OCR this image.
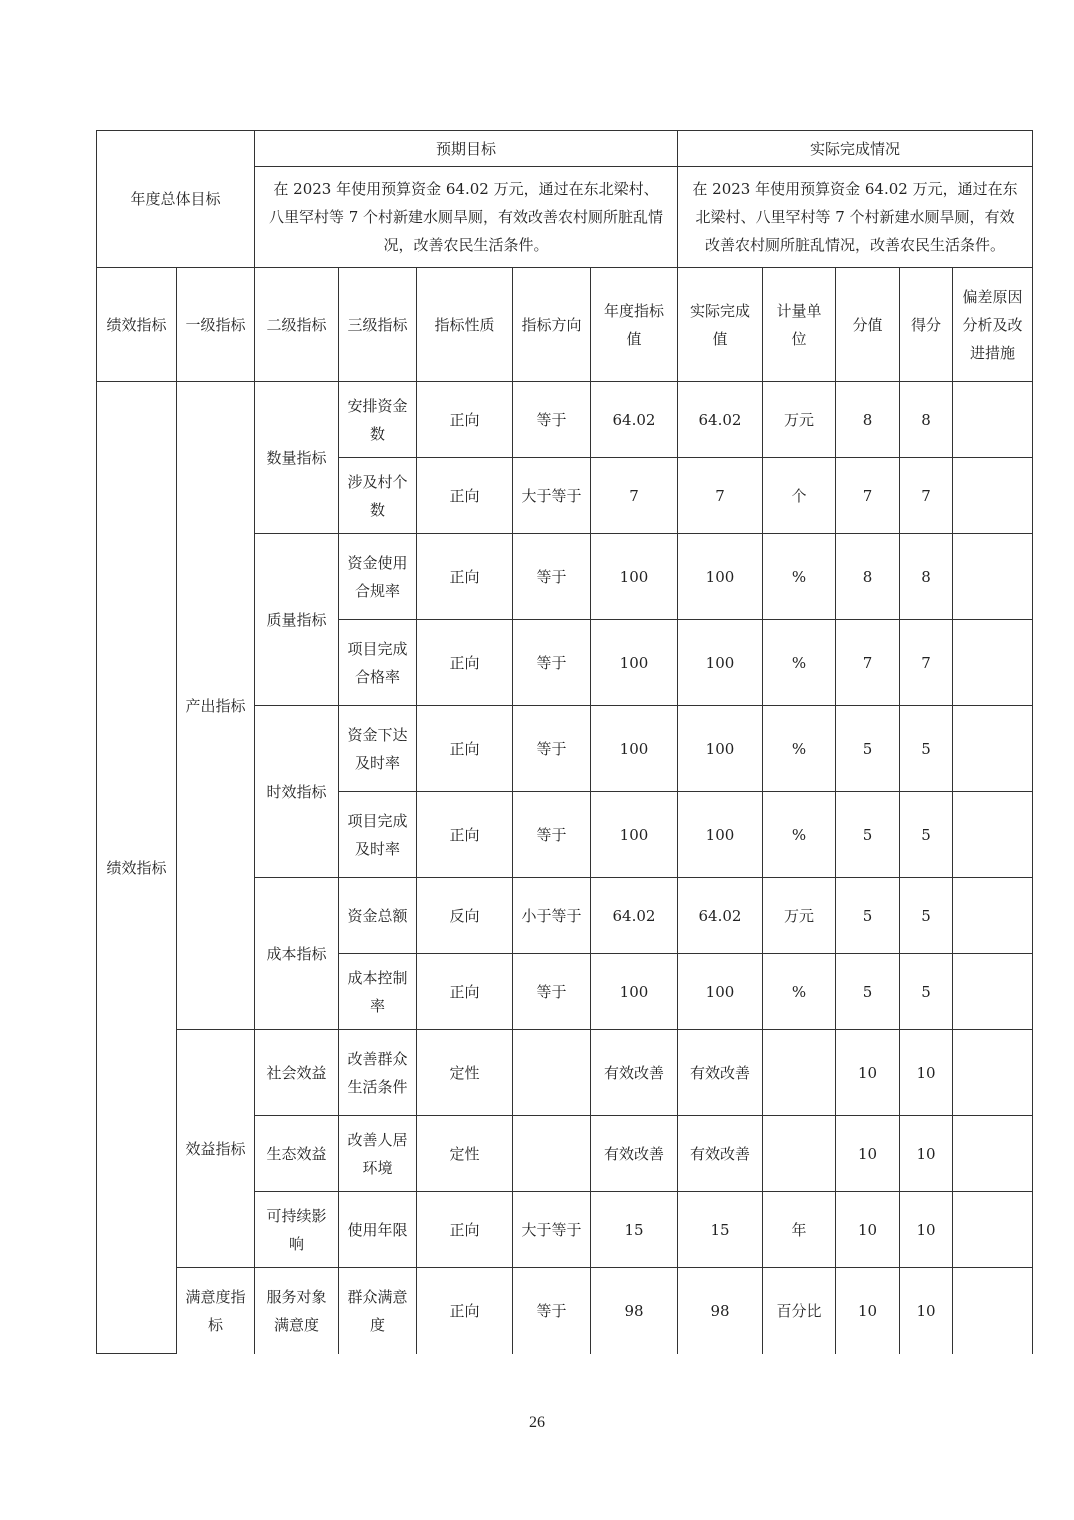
年度总体目标		预期目标					实际完成情况				
		在 2023 年使用预算资金 64.02 万元，通过在东北梁村、八里罕村等 7 个村新建水厕旱厕，有效改善农村厕所脏乱情况，改善农民生活条件。					在 2023 年使用预算资金 64.02 万元，通过在东北梁村、八里罕村等 7 个村新建水厕旱厕，有效改善农村厕所脏乱情况，改善农民生活条件。				
绩效指标	一级指标	二级指标	三级指标	指标性质	指标方向	年度指标值	实际完成值	计量单位	分值	得分	偏差原因分析及改进措施
绩效指标	产出指标	数量指标	安排资金数	正向	等于	64.02	64.02	万元	8	8	
			涉及村个数	正向	大于等于	7	7	个	7	7	
		质量指标	资金使用合规率	正向	等于	100	100	%	8	8	
			项目完成合格率	正向	等于	100	100	%	7	7	
		时效指标	资金下达及时率	正向	等于	100	100	%	5	5	
			项目完成及时率	正向	等于	100	100	%	5	5	
		成本指标	资金总额	反向	小于等于	64.02	64.02	万元	5	5	
			成本控制率	正向	等于	100	100	%	5	5	
	效益指标	社会效益	改善群众生活条件	定性		有效改善	有效改善		10	10	
		生态效益	改善人居环境	定性		有效改善	有效改善		10	10	
		可持续影响	使用年限	正向	大于等于	15	15	年	10	10	
	满意度指标	服务对象满意度	群众满意度	正向	等于	98	98	百分比	10	10	
26
